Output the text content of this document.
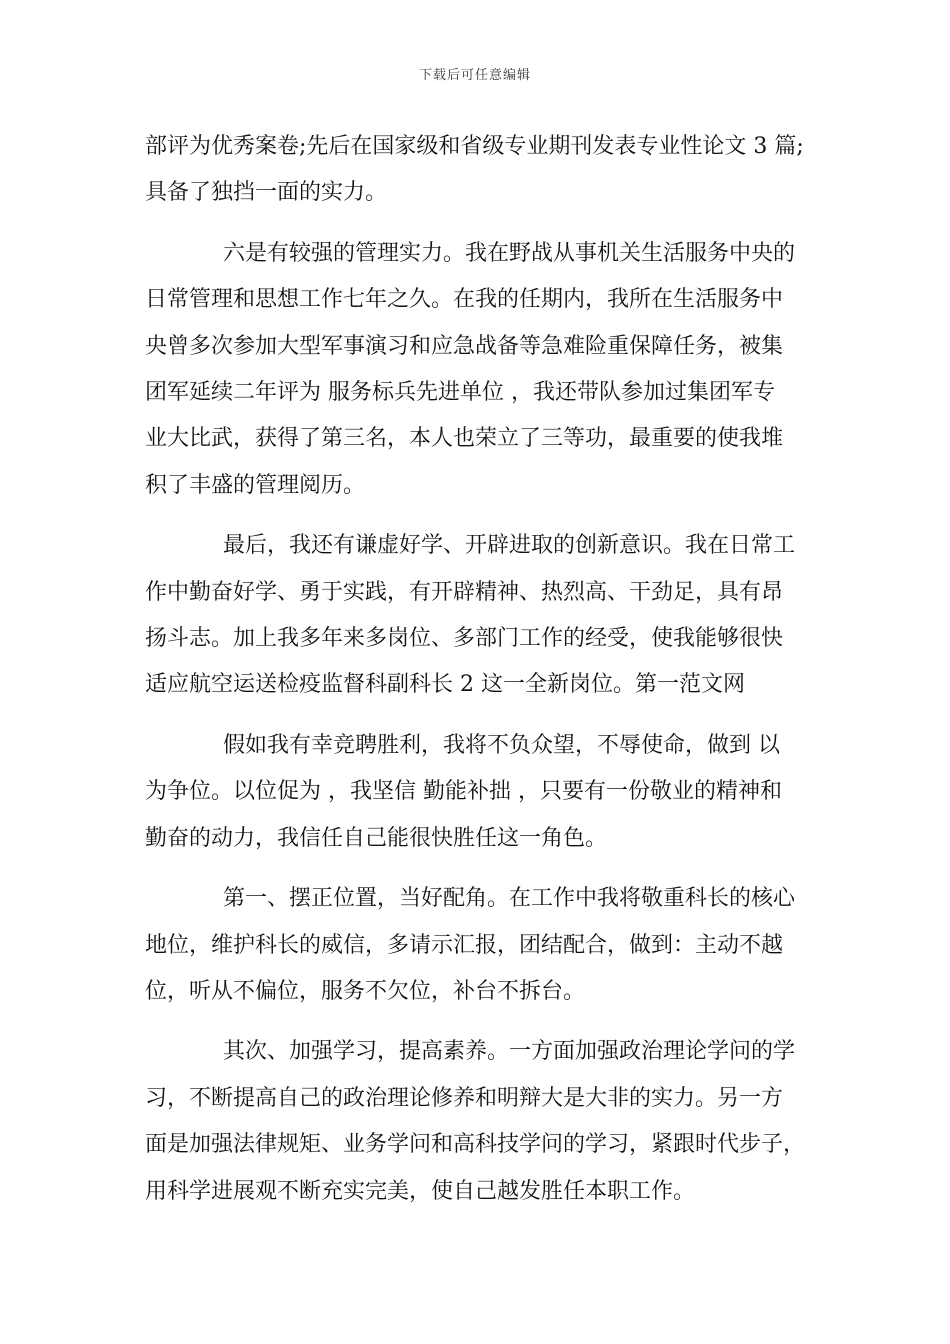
下载后可任意编辑

部评为优秀案卷;先后在国家级和省级专业期刊发表专业性论文 3 篇;
具备了独挡一面的实力。

六是有较强的管理实力。我在野战从事机关生活服务中央的
日常管理和思想工作七年之久。在我的任期内，我所在生活服务中
央曾多次参加大型军事演习和应急战备等急难险重保障任务，被集
团军延续二年评为 服务标兵先进单位 ，我还带队参加过集团军专
业大比武，获得了第三名，本人也荣立了三等功，最重要的使我堆
积了丰盛的管理阅历。

最后，我还有谦虚好学、开辟进取的创新意识。我在日常工
作中勤奋好学、勇于实践，有开辟精神、热烈高、干劲足，具有昂
扬斗志。加上我多年来多岗位、多部门工作的经受，使我能够很快
适应航空运送检疫监督科副科长 2 这一全新岗位。第一范文网

假如我有幸竞聘胜利，我将不负众望，不辱使命，做到 以
为争位。以位促为 ，我坚信 勤能补拙 ，只要有一份敬业的精神和
勤奋的动力，我信任自己能很快胜任这一角色。

第一、摆正位置，当好配角。在工作中我将敬重科长的核心
地位，维护科长的威信，多请示汇报，团结配合，做到：主动不越
位，听从不偏位，服务不欠位，补台不拆台。

其次、加强学习，提高素养。一方面加强政治理论学问的学
习，不断提高自己的政治理论修养和明辩大是大非的实力。另一方
面是加强法律规矩、业务学问和高科技学问的学习，紧跟时代步子，
用科学进展观不断充实完美，使自己越发胜任本职工作。
